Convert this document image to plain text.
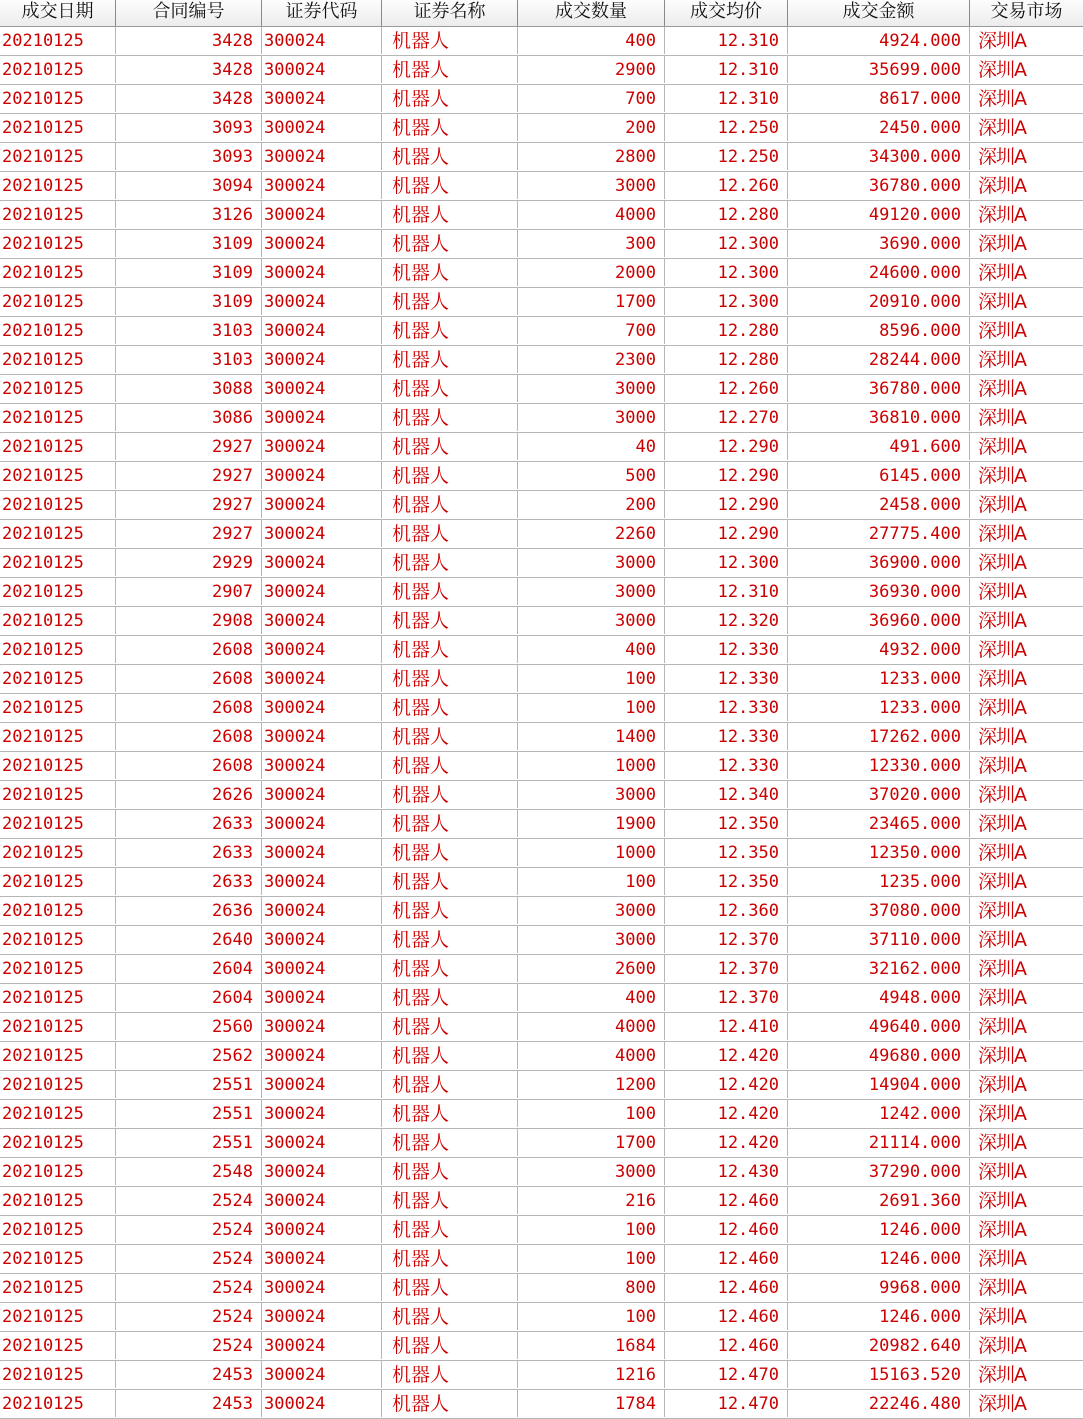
成交日期	合同编号	证券代码	证券名称	成交数量	成交均价	成交金额	交易市场
20210125	3428 300024	机器人	400	12.310	4924.000 深圳A
20210125	3428 300024	机器人	2900	12.310	35699.000 深圳A
20210125	3428 300024	机器人	700	12.310	8617.000 深圳A
20210125	3093 300024	机器人	200	12.250	2450.000 深圳A
20210125	3093 300024	机器人	2800	12.250	34300.000 深圳A
20210125	3094 300024	机器人	3000	12.260	36780.000 深圳A
20210125	3126 300024	机器人	4000	12.280	49120.000 深圳A
20210125	3109 300024	机器人	300	12.300	3690.000 深圳A
20210125	3109 300024	机器人	2000	12.300	24600.000 深圳A
20210125	3109 300024	机器人	1700	12.300	20910.000 深圳A
20210125	3103 300024	机器人	700	12.280	8596.000 深圳A
20210125	3103 300024	机器人	2300	12.280	28244.000 深圳A
20210125	3088 300024	机器人	3000	12.260	36780.000 深圳A
20210125	3086 300024	机器人	3000	12.270	36810.000 深圳A
20210125	2927 300024	机器人	40	12.290	491.600 深圳A
20210125	2927 300024	机器人	500	12.290	6145.000 深圳A
20210125	2927 300024	机器人	200	12.290	2458.000 深圳A
20210125	2927 300024	机器人	2260	12.290	27775.400 深圳A
20210125	2929 300024	机器人	3000	12.300	36900.000 深圳A
20210125	2907 300024	机器人	3000	12.310	36930.000 深圳A
20210125	2908 300024	机器人	3000	12.320	36960.000 深圳A
20210125	2608 300024	机器人	400	12.330	4932.000 深圳A
20210125	2608 300024	机器人	100	12.330	1233.000 深圳A
20210125	2608 300024	机器人	100	12.330	1233.000 深圳A
20210125	2608 300024	机器人	1400	12.330	17262.000 深圳A
20210125	2608 300024	机器人	1000	12.330	12330.000 深圳A
20210125	2626 300024	机器人	3000	12.340	37020.000 深圳A
20210125	2633 300024	机器人	1900	12.350	23465.000 深圳A
20210125	2633 300024	机器人	1000	12.350	12350.000 深圳A
20210125	2633 300024	机器人	100	12.350	1235.000 深圳A
20210125	2636 300024	机器人	3000	12.360	37080.000 深圳A
20210125	2640 300024	机器人	3000	12.370	37110.000 深圳A
20210125	2604 300024	机器人	2600	12.370	32162.000 深圳A
20210125	2604 300024	机器人	400	12.370	4948.000 深圳A
20210125	2560 300024	机器人	4000	12.410	49640.000 深圳A
20210125	2562 300024	机器人	4000	12.420	49680.000 深圳A
20210125	2551 300024	机器人	1200	12.420	14904.000 深圳A
20210125	2551 300024	机器人	100	12.420	1242.000 深圳A
20210125	2551 300024	机器人	1700	12.420	21114.000 深圳A
20210125	2548 300024	机器人	3000	12.430	37290.000 深圳A
20210125	2524 300024	机器人	216	12.460	2691.360 深圳A
20210125	2524 300024	机器人	100	12.460	1246.000 深圳A
20210125	2524 300024	机器人	100	12.460	1246.000 深圳A
20210125	2524 300024	机器人	800	12.460	9968.000 深圳A
20210125	2524 300024	机器人	100	12.460	1246.000 深圳A
20210125	2524 300024	机器人	1684	12.460	20982.640 深圳A
20210125	2453 300024	机器人	1216	12.470	15163.520 深圳A
20210125	2453 300024	机器人	1784	12.470	22246.480 深圳A
